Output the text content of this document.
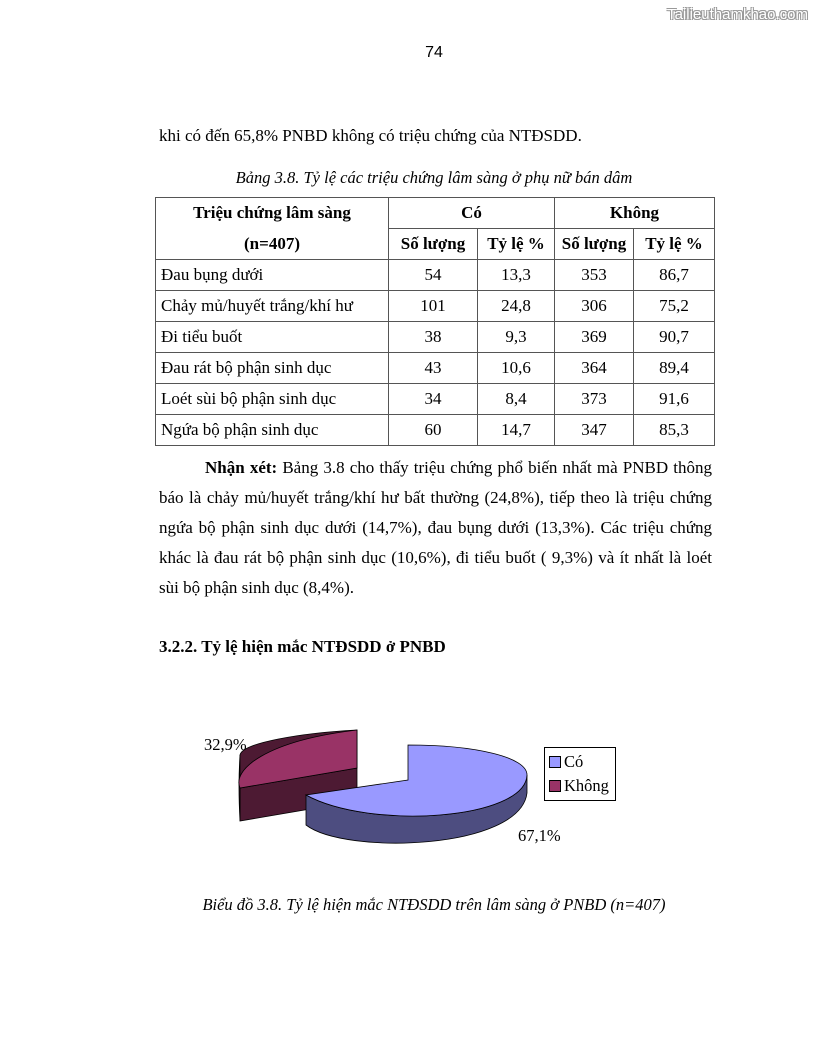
Tailieuthamkhao.com
74
khi có đến 65,8% PNBD không có triệu chứng của NTĐSDD.
Bảng 3.8. Tỷ lệ các triệu chứng lâm sàng ở phụ nữ bán dâm
Triệu chứng lâm sàng	Có		Không	
(n=407)	Số lượng	Tỷ lệ %	Số lượng	Tỷ lệ %
Đau bụng dưới	54	13,3	353	86,7
Chảy mủ/huyết trắng/khí hư	101	24,8	306	75,2
Đi tiểu buốt	38	9,3	369	90,7
Đau rát bộ phận sinh dục	43	10,6	364	89,4
Loét sùi bộ phận sinh dục	34	8,4	373	91,6
Ngứa bộ phận sinh dục	60	14,7	347	85,3
Nhận xét: Bảng 3.8 cho thấy triệu chứng phổ biến nhất mà PNBD thông báo là chảy mủ/huyết trắng/khí hư bất thường (24,8%), tiếp theo là triệu chứng ngứa bộ phận sinh dục dưới (14,7%), đau bụng dưới (13,3%). Các triệu chứng khác là đau rát bộ phận sinh dục (10,6%), đi tiểu buốt ( 9,3%) và ít nhất là loét sùi bộ phận sinh dục (8,4%).
3.2.2. Tỷ lệ hiện mắc NTĐSDD ở PNBD
32,9%
67,1%
Có
Không
Biểu đồ 3.8. Tỷ lệ hiện mắc NTĐSDD trên lâm sàng ở PNBD (n=407)
